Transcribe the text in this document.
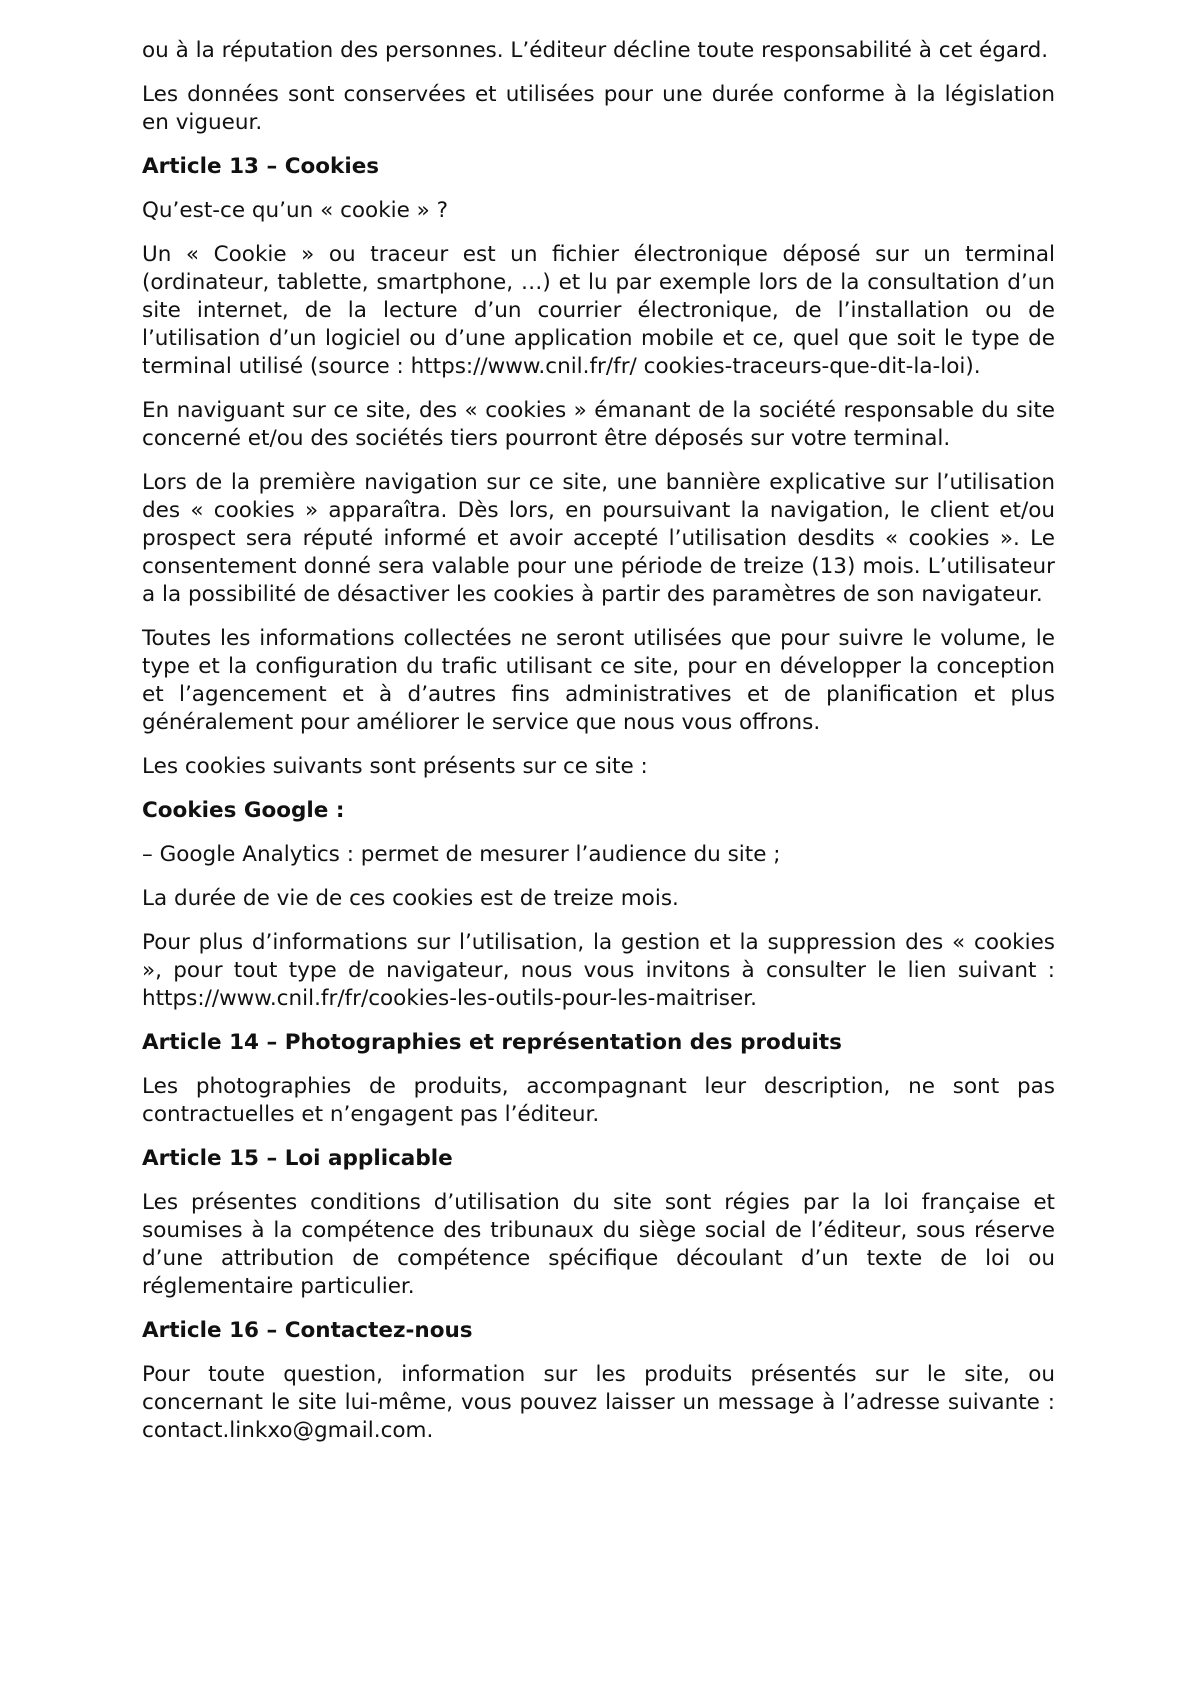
ou à la réputation des personnes. L’éditeur décline toute responsabilité à cet égard.

Les données sont conservées et utilisées pour une durée conforme à la législation en vigueur.

Article 13 – Cookies

Qu’est-ce qu’un « cookie » ?

Un « Cookie » ou traceur est un fichier électronique déposé sur un terminal (ordinateur, tablette, smartphone, …) et lu par exemple lors de la consultation d’un site internet, de la lecture d’un courrier électronique, de l’installation ou de l’utilisation d’un logiciel ou d’une application mobile et ce, quel que soit le type de terminal utilisé (source : https://www.cnil.fr/fr/ cookies-traceurs-que-dit-la-loi).

En naviguant sur ce site, des « cookies » émanant de la société responsable du site concerné et/ou des sociétés tiers pourront être déposés sur votre terminal.

Lors de la première navigation sur ce site, une bannière explicative sur l’utilisation des « cookies » apparaîtra. Dès lors, en poursuivant la navigation, le client et/ou prospect sera réputé informé et avoir accepté l’utilisation desdits « cookies ». Le consentement donné sera valable pour une période de treize (13) mois. L’utilisateur a la possibilité de désactiver les cookies à partir des paramètres de son navigateur.

Toutes les informations collectées ne seront utilisées que pour suivre le volume, le type et la configuration du trafic utilisant ce site, pour en développer la conception et l’agencement et à d’autres fins administratives et de planification et plus généralement pour améliorer le service que nous vous offrons.

Les cookies suivants sont présents sur ce site :

Cookies Google :

– Google Analytics : permet de mesurer l’audience du site ;

La durée de vie de ces cookies est de treize mois.

Pour plus d’informations sur l’utilisation, la gestion et la suppression des « cookies », pour tout type de navigateur, nous vous invitons à consulter le lien suivant : https://www.cnil.fr/fr/cookies-les-outils-pour-les-maitriser.

Article 14 – Photographies et représentation des produits

Les photographies de produits, accompagnant leur description, ne sont pas contractuelles et n’engagent pas l’éditeur.

Article 15 – Loi applicable

Les présentes conditions d’utilisation du site sont régies par la loi française et soumises à la compétence des tribunaux du siège social de l’éditeur, sous réserve d’une attribution de compétence spécifique découlant d’un texte de loi ou réglementaire particulier.

Article 16 – Contactez-nous

Pour toute question, information sur les produits présentés sur le site, ou concernant le site lui-même, vous pouvez laisser un message à l’adresse suivante : contact.linkxo@gmail.com.
